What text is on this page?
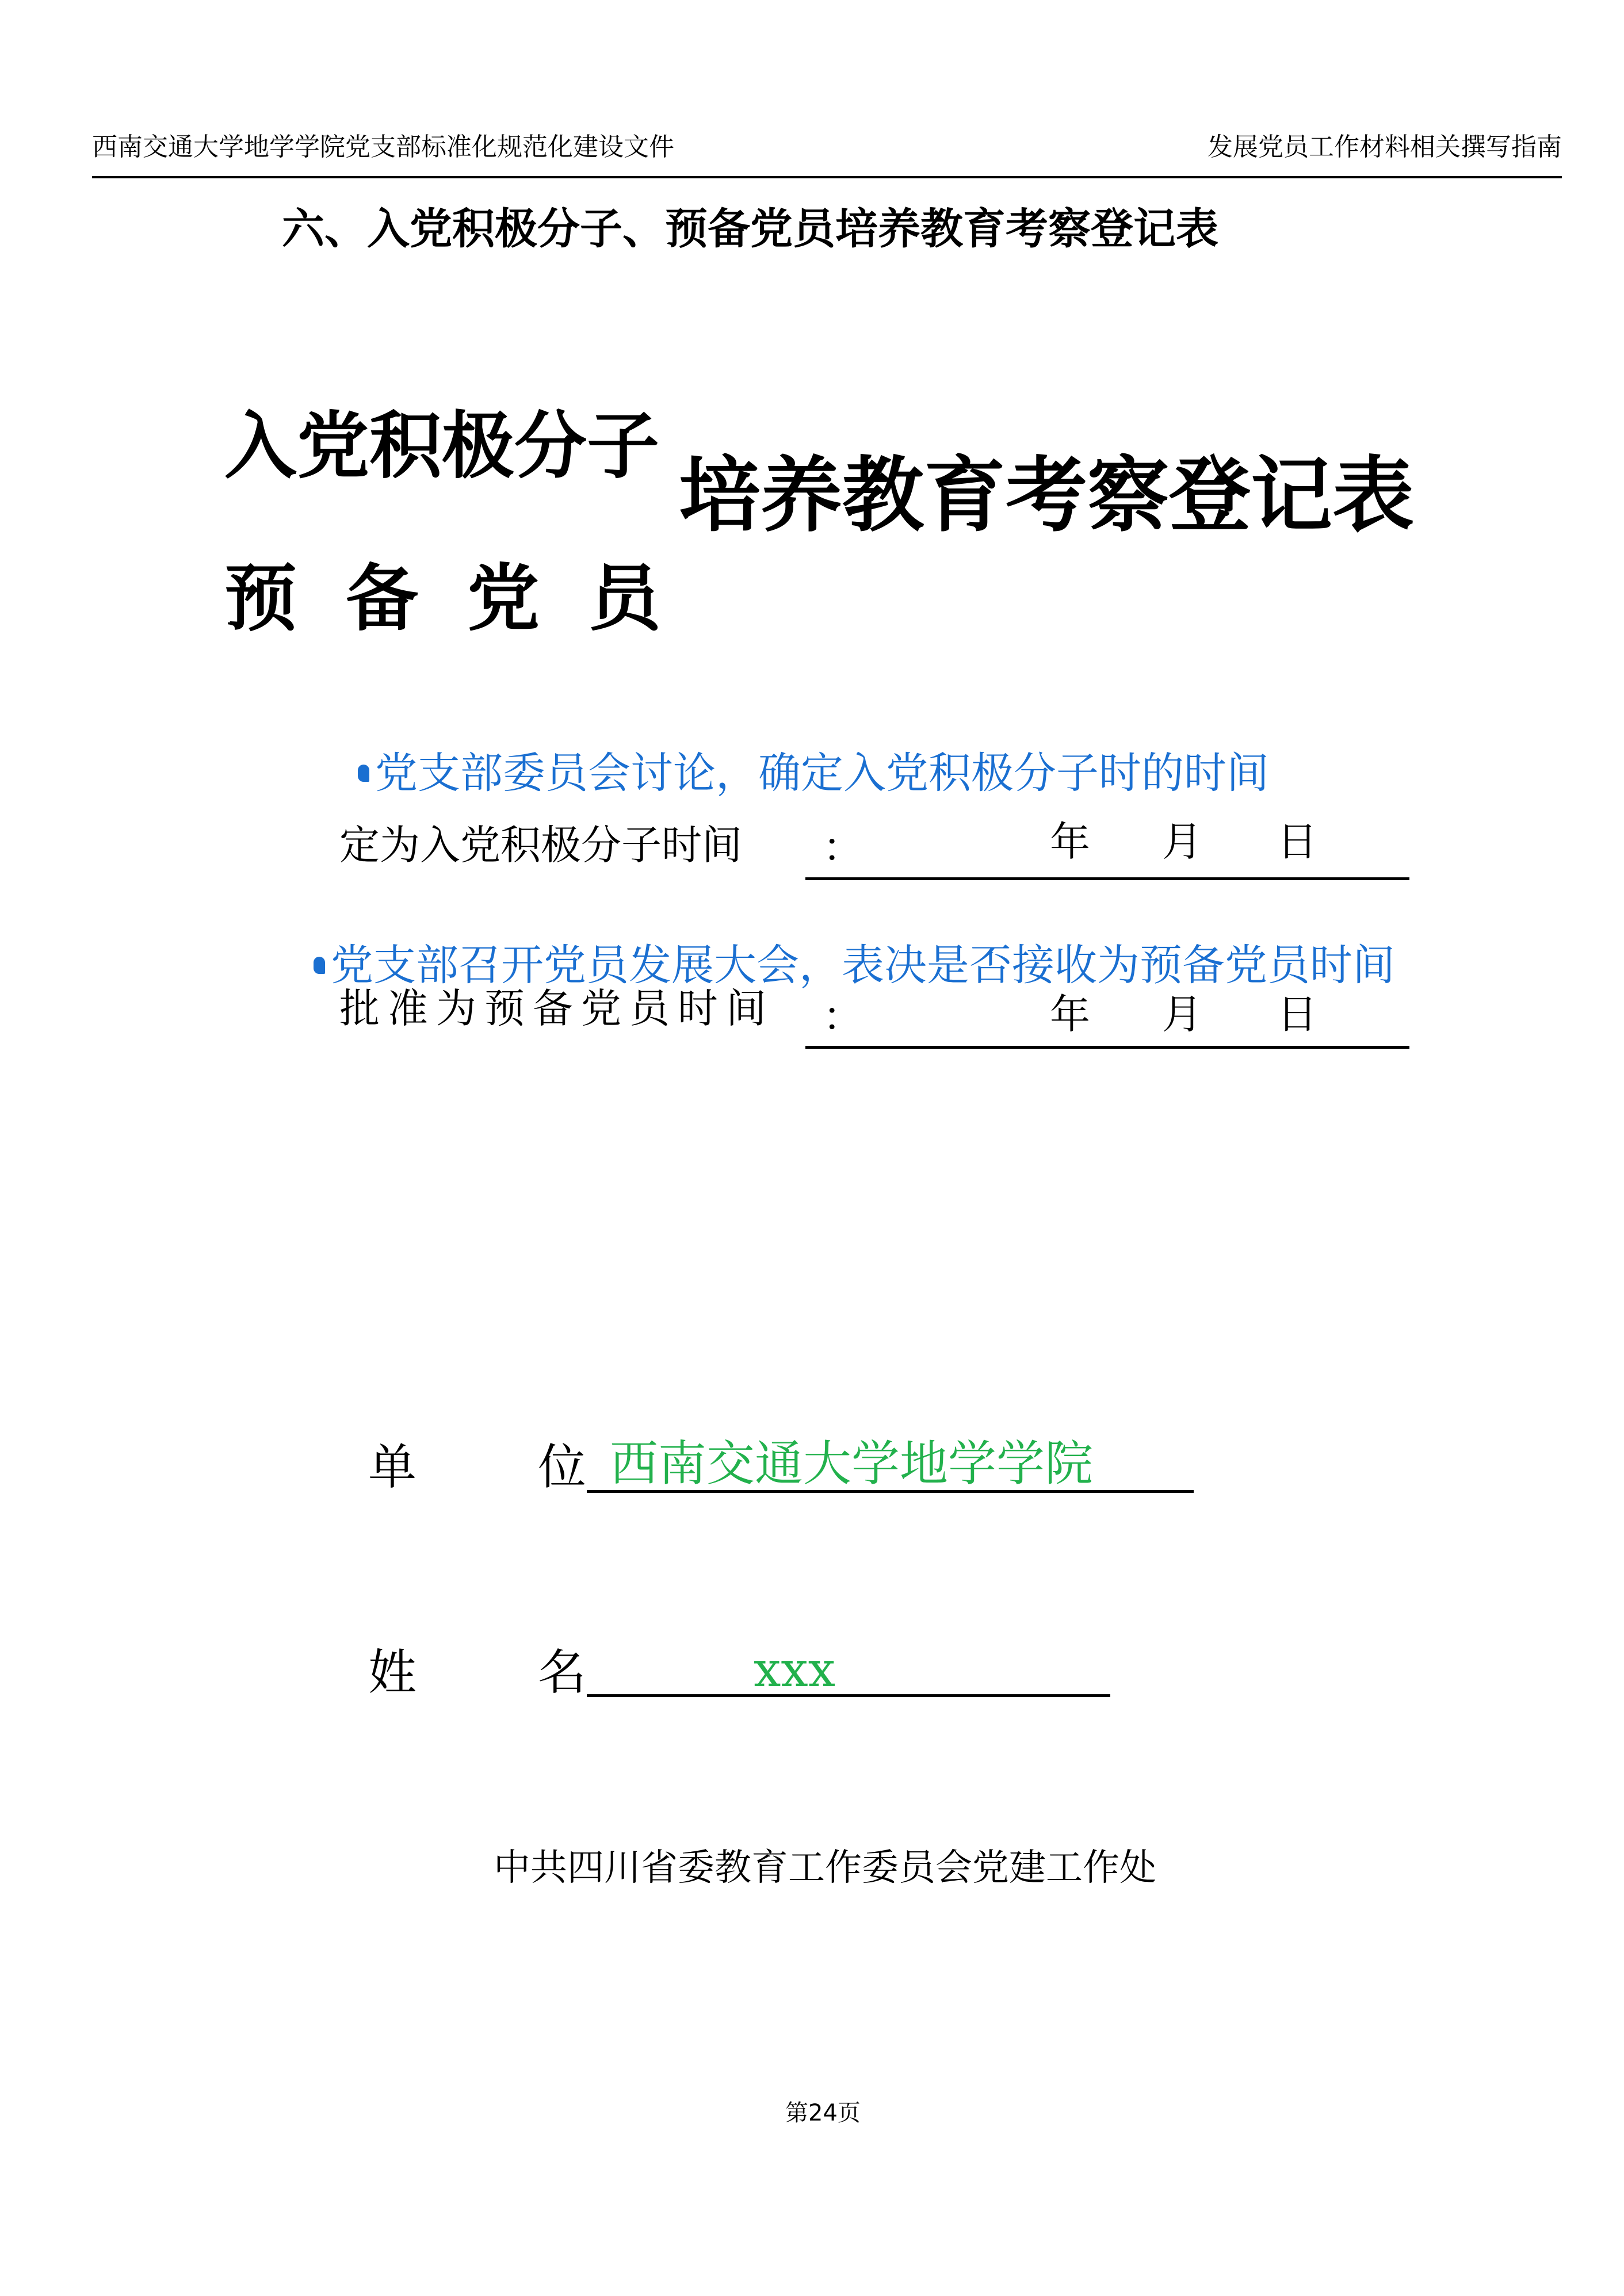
西南交通大学地学学院党支部标准化规范化建设文件	发展党员工作材料相关撰写指南
六、入党积极分子、预备党员培养教育考察登记表
入党积极分子
预备党员
培养教育考察登记表
党支部委员会讨论，确定入党积极分子时的时间
定为入党积极分子时间 ：	年 月 日
党支部召开党员发展大会，表决是否接收为预备党员时间
批准为预备党员时间 ：	年 月 日
单	位 西南交通大学地学学院
姓	名	xxx
中共四川省委教育工作委员会党建工作处
第24页
